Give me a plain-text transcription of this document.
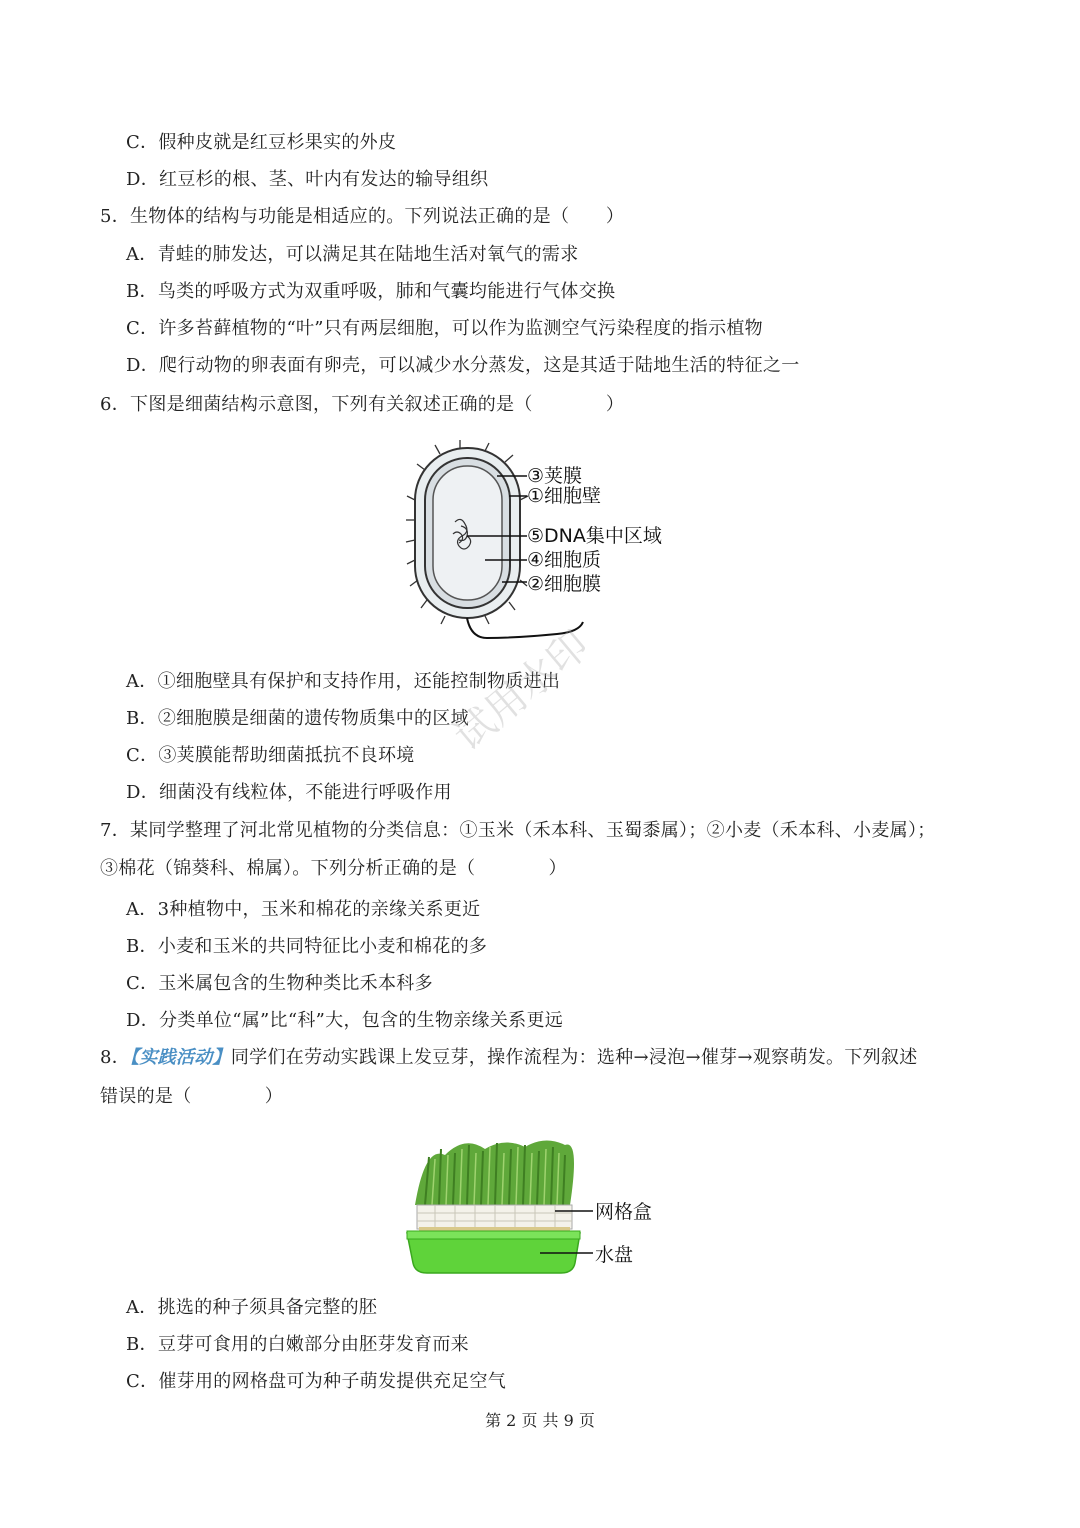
C．假种皮就是红豆杉果实的外皮
D．红豆杉的根、茎、叶内有发达的输导组织
5．生物体的结构与功能是相适应的。下列说法正确的是（　　）
A．青蛙的肺发达，可以满足其在陆地生活对氧气的需求
B．鸟类的呼吸方式为双重呼吸，肺和气囊均能进行气体交换
C．许多苔藓植物的“叶”只有两层细胞，可以作为监测空气污染程度的指示植物
D．爬行动物的卵表面有卵壳，可以减少水分蒸发，这是其适于陆地生活的特征之一
6．下图是细菌结构示意图，下列有关叙述正确的是（　　　　）
③荚膜
①细胞壁
⑤DNA集中区域
④细胞质
②细胞膜
A．①细胞壁具有保护和支持作用，还能控制物质进出
B．②细胞膜是细菌的遗传物质集中的区域
C．③荚膜能帮助细菌抵抗不良环境
D．细菌没有线粒体，不能进行呼吸作用
试用水印
7．某同学整理了河北常见植物的分类信息：①玉米（禾本科、玉蜀黍属）；②小麦（禾本科、小麦属）；
③棉花（锦葵科、棉属）。下列分析正确的是（　　　　）
A．3种植物中，玉米和棉花的亲缘关系更近
B．小麦和玉米的共同特征比小麦和棉花的多
C．玉米属包含的生物种类比禾本科多
D．分类单位“属”比“科”大，包含的生物亲缘关系更远
8．【实践活动】同学们在劳动实践课上发豆芽，操作流程为：选种→浸泡→催芽→观察萌发。下列叙述
错误的是（　　　　）
网格盒
水盘
A．挑选的种子须具备完整的胚
B．豆芽可食用的白嫩部分由胚芽发育而来
C．催芽用的网格盘可为种子萌发提供充足空气
第 2 页 共 9 页
